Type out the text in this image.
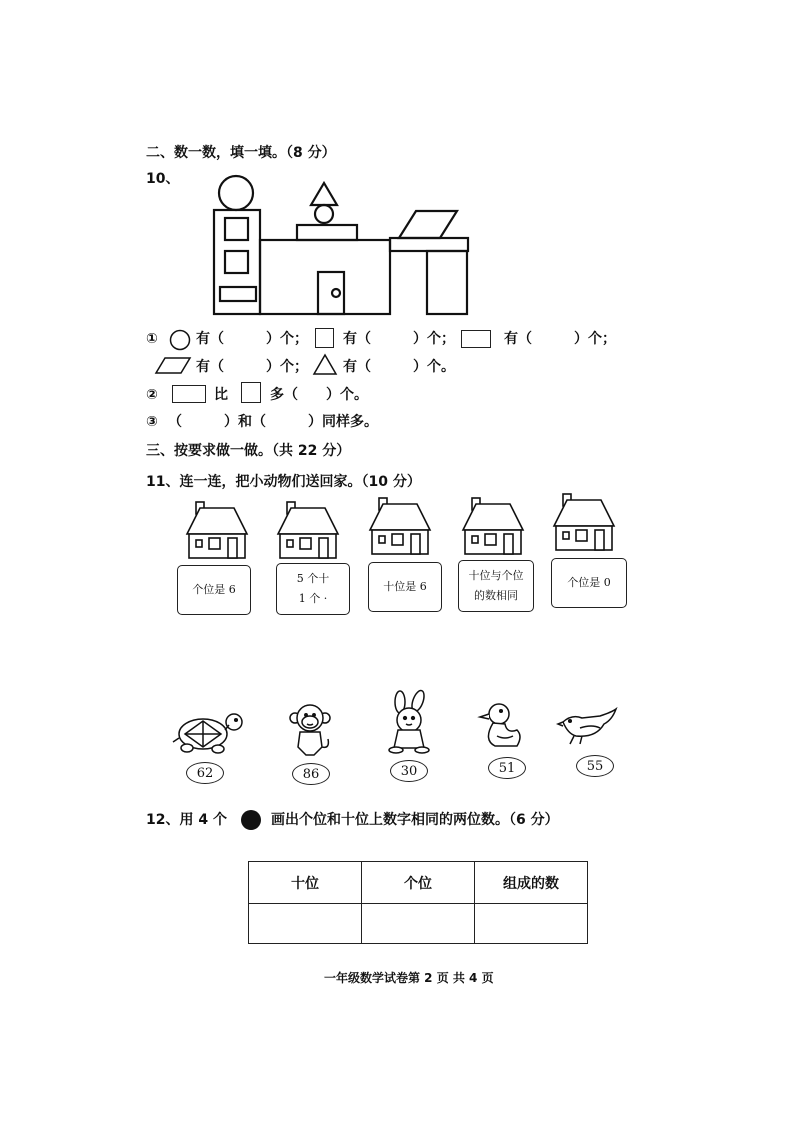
二、数一数，填一填。（8 分）
10、
①	有（　　　）个；	有（　　　）个；	有（　　　）个；
有（　　　）个；	有（　　　）个。
②	比	多（　　）个。
③ （　　　）和（　　　）同样多。
三、按要求做一做。（共 22 分）
11、连一连，把小动物们送回家。（10 分）
个位是 6
5 个十
1 个 ·
十位是 6
十位与个位
的数相同
个位是 0
62	86	30	51	55
12、用 4 个	画出个位和十位上数字相同的两位数。（6 分）
十位	个位	组成的数

一年级数学试卷第 2 页 共 4 页
